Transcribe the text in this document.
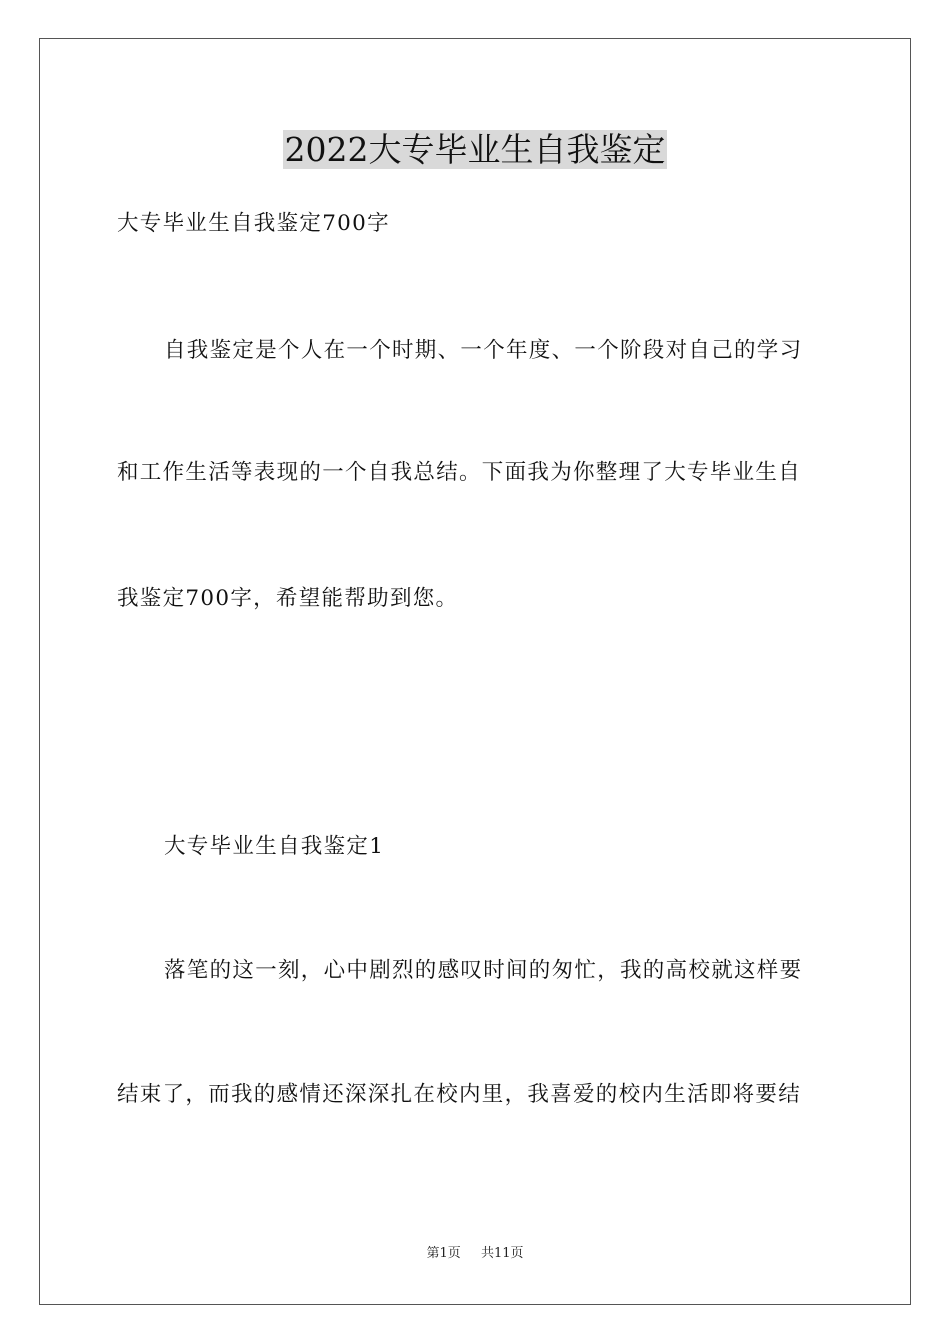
2022大专毕业生自我鉴定

大专毕业生自我鉴定700字

自我鉴定是个人在一个时期、一个年度、一个阶段对自己的学习

和工作生活等表现的一个自我总结。下面我为你整理了大专毕业生自

我鉴定700字，希望能帮助到您。

大专毕业生自我鉴定1

落笔的这一刻，心中剧烈的感叹时间的匆忙，我的高校就这样要

结束了，而我的感情还深深扎在校内里，我喜爱的校内生活即将要结

第1页 共11页
